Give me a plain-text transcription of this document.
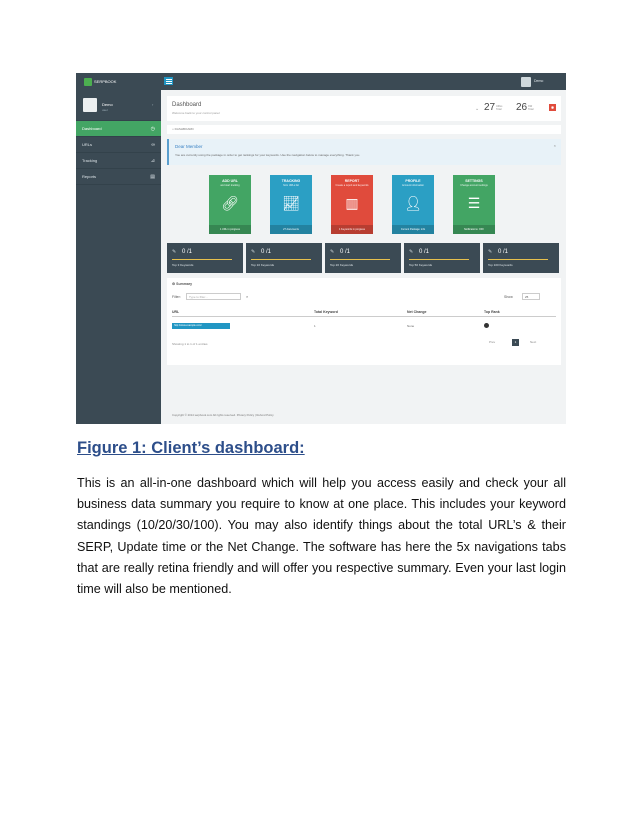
SERPBOOK	Demo
Demo
user
›
Dashboard	◷
URLs	∞
Tracking	⊿
Reports	▤
Dashboard
Welcome back to your control panel
⌄ 27 URLs
Total 26 KW
Total	✱
⌂ DASHBOARD
Dear Member
You are currently using the package in order to get rankings for your keywords. Use the navigation below to manage everything. Thank you.
×
ADD URL
and start tracking
🔗︎
1 URL in progress
TRACKING
from URLs list
📈︎
27 documents
REPORT
Create a report and keywords
▥
1 Keywords in progress
PROFILE
Account information
👤︎
Current Package: info
SETTINGS
Change account settings
☰
Notifications: OFF
✎ 0 /1
Top 3 Keywords
✎ 0 /1
Top 10 Keywords
✎ 0 /1
Top 20 Keywords
✎ 0 /1
Top 50 Keywords
✎ 0 /1
Top 100 Keywords
⚙ Summary
Filter:	Type to filter...	⌕	Show	25
URL	Total Keyword	Net Change	Top Rank
http://www.example.com/	1	None
Showing 1 to 1 of 1 entries	Prev	1	Next
Copyright © 2014 serpbook.com All rights reserved. Privacy Policy | Refund Policy
Figure 1: Client’s dashboard:
This is an all-in-one dashboard which will help you access easily and check your all business data summary you require to know at one place. This includes your keyword standings (10/20/30/100). You may also identify things about the total URL’s & their SERP, Update time or the Net Change. The software has here the 5x navigations tabs that are really retina friendly and will offer you respective summary. Even your last login time will also be mentioned.
